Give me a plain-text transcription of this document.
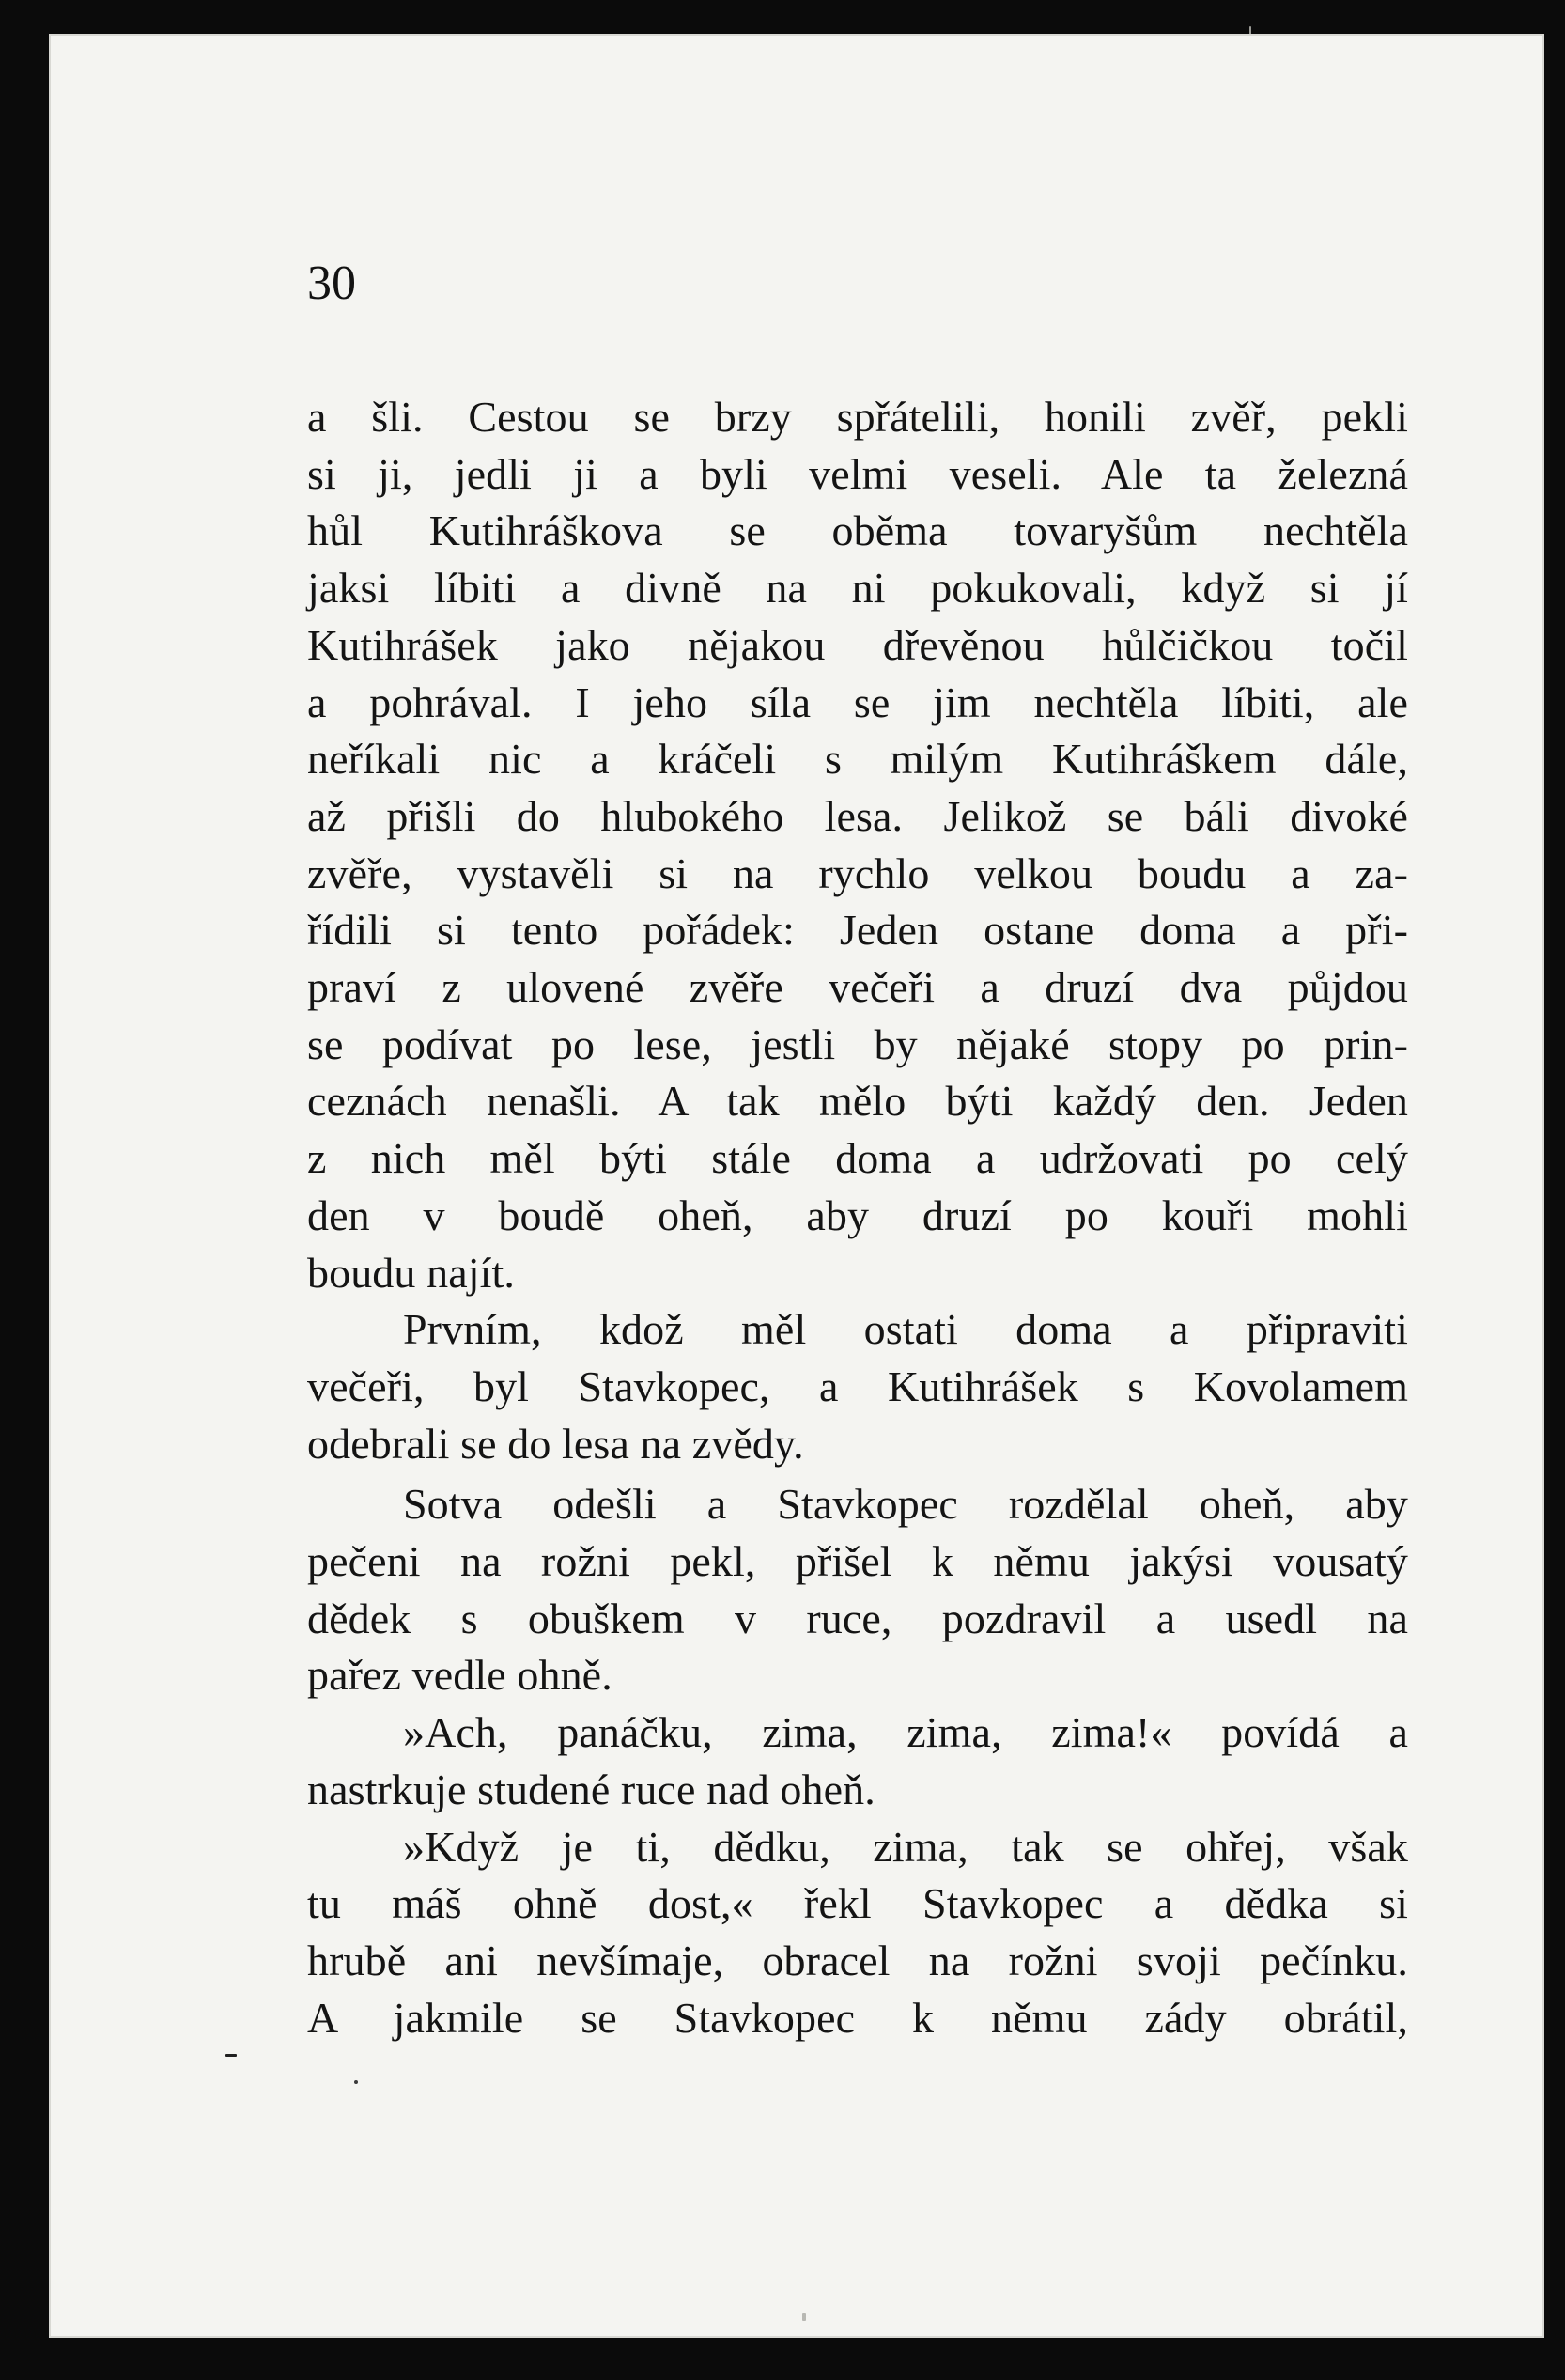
30

a šli. Cestou se brzy spřátelili, honili zvěř, pekli
si ji, jedli ji a byli velmi veseli. Ale ta železná
hůl Kutihráškova se oběma tovaryšům nechtěla
jaksi líbiti a divně na ni pokukovali, když si jí
Kutihrášek jako nějakou dřevěnou hůlčičkou točil
a pohrával. I jeho síla se jim nechtěla líbiti, ale
neříkali nic a kráčeli s milým Kutihráškem dále,
až přišli do hlubokého lesa. Jelikož se báli divoké
zvěře, vystavěli si na rychlo velkou boudu a za-
řídili si tento pořádek: Jeden ostane doma a při-
praví z ulovené zvěře večeři a druzí dva půjdou
se podívat po lese, jestli by nějaké stopy po prin-
ceznách nenašli. A tak mělo býti každý den. Jeden
z nich měl býti stále doma a udržovati po celý
den v boudě oheň, aby druzí po kouři mohli
boudu najít.
Prvním, kdož měl ostati doma a připraviti
večeři, byl Stavkopec, a Kutihrášek s Kovolamem
odebrali se do lesa na zvědy.
Sotva odešli a Stavkopec rozdělal oheň, aby
pečeni na rožni pekl, přišel k němu jakýsi vousatý
dědek s obuškem v ruce, pozdravil a usedl na
pařez vedle ohně.
»Ach, panáčku, zima, zima, zima!« povídá a
nastrkuje studené ruce nad oheň.
»Když je ti, dědku, zima, tak se ohřej, však
tu máš ohně dost,« řekl Stavkopec a dědka si
hrubě ani nevšímaje, obracel na rožni svoji pečínku.
A jakmile se Stavkopec k němu zády obrátil,
